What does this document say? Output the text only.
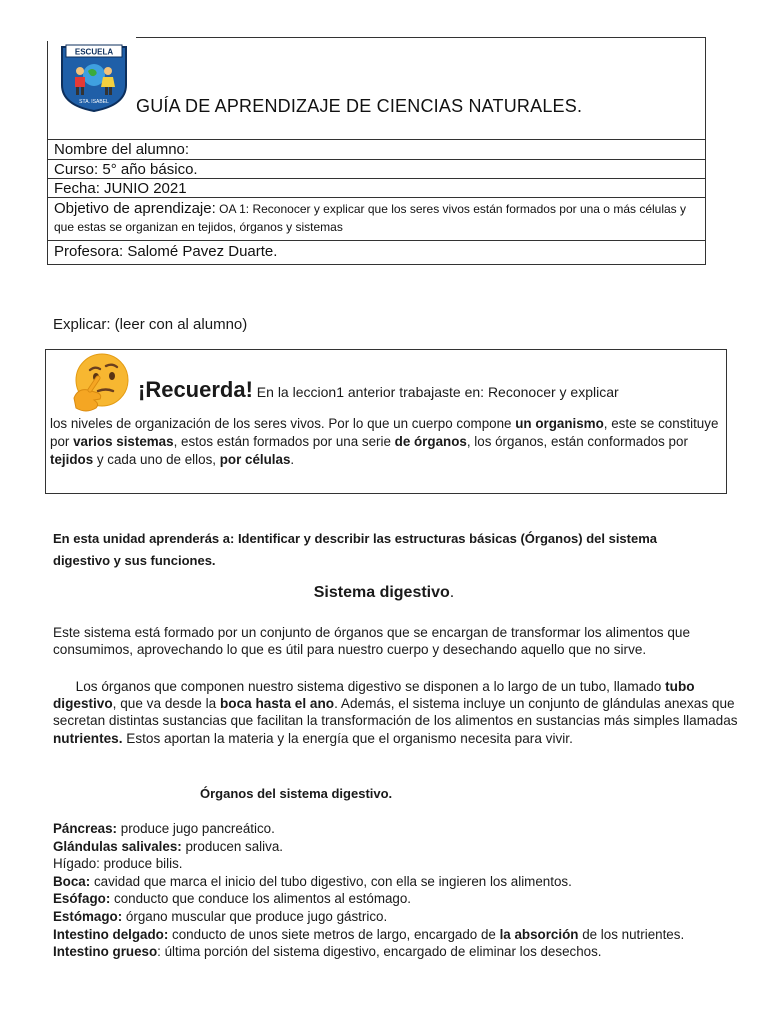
ESCUELA
STA. ISABEL GUÍA DE APRENDIZAJE DE CIENCIAS NATURALES.
Nombre del alumno:
Curso: 5° año básico.
Fecha: JUNIO 2021
Objetivo de aprendizaje: OA 1: Reconocer y explicar que los seres vivos están formados por una o más células y que estas se organizan en tejidos, órganos y sistemas
Profesora: Salomé Pavez Duarte.
Explicar: (leer con al alumno)
¡Recuerda! En la leccion1 anterior trabajaste en: Reconocer y explicar
los niveles de organización de los seres vivos. Por lo que un cuerpo compone un organismo, este se constituye por varios sistemas, estos están formados por una serie de órganos, los órganos, están conformados por tejidos y cada uno de ellos, por células.
En esta unidad aprenderás a: Identificar y describir las estructuras básicas (Órganos) del sistema digestivo y sus funciones.
Sistema digestivo.
Este sistema está formado por un conjunto de órganos que se encargan de transformar los alimentos que consumimos, aprovechando lo que es útil para nuestro cuerpo y desechando aquello que no sirve.
Los órganos que componen nuestro sistema digestivo se disponen a lo largo de un tubo, llamado tubo digestivo, que va desde la boca hasta el ano. Además, el sistema incluye un conjunto de glándulas anexas que secretan distintas sustancias que facilitan la transformación de los alimentos en sustancias más simples llamadas nutrientes. Estos aportan la materia y la energía que el organismo necesita para vivir.
Órganos del sistema digestivo.
Páncreas: produce jugo pancreático.
Glándulas salivales: producen saliva.
Hígado: produce bilis.
Boca: cavidad que marca el inicio del tubo digestivo, con ella se ingieren los alimentos.
Esófago: conducto que conduce los alimentos al estómago.
Estómago: órgano muscular que produce jugo gástrico.
Intestino delgado: conducto de unos siete metros de largo, encargado de la absorción de los nutrientes.
Intestino grueso: última porción del sistema digestivo, encargado de eliminar los desechos.
